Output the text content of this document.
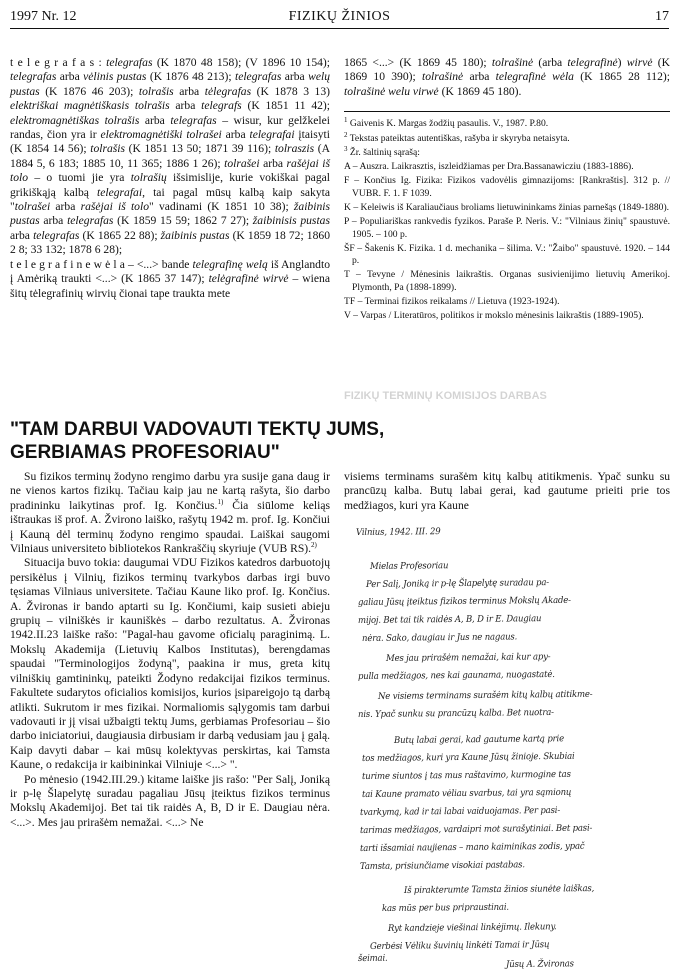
1997 Nr. 12	FIZIKŲ ŽINIOS	17

t e l e g r a f a s : telegrafas (K 1870 48 158); (V 1896 10 154); telegrafas arba vėlinis pustas (K 1876 48 213); telegrafas arba welų pustas (K 1876 46 203); tolrašis arba tėlegrafas (K 1878 3 13) elektriškai magnėtiškasis tolrašis arba telegrafs (K 1851 11 42); elektromagnėtiškas tolrašis arba telegrafas – wisur, kur gelžkelei randas, čion yra ir elektromagnėtiški tolrašei arba telegrafai įtaisyti (K 1854 14 56); tolrašis (K 1851 13 50; 1871 39 116); tolraszis (A 1884 5, 6 183; 1885 10, 11 365; 1886 1 26); tolrašei arba rašėjai iš tolo – o tuomi jie yra tolrašių išsimislije, kurie vokiškai pagal grikiškąją kalbą telegrafai, tai pagal mūsų kalbą kaip sakyta "tolrašei arba rašėjai iš tolo" vadinami (K 1851 10 38); žaibinis pustas arba telegrafas (K 1859 15 59; 1862 7 27); žaibinisis pustas arba telegrafas (K 1865 22 88); žaibinis pustas (K 1859 18 72; 1860 2 8; 33 132; 1878 6 28);

t e l e g r a f i n e w ė l a – <...> bande telegrafinę welą iš Anglandto į Amėriką traukti <...> (K 1865 37 147); telėgrafinė wirvė – wiena šitų tėlegrafinių wirvių čionai tape traukta mete

1865 <...> (K 1869 45 180); tolrašinė (arba telegrafinė) wirvė (K 1869 10 390); tolrašinė arba telegrafinė wėla (K 1865 28 112); tolrašinė welu virwė (K 1869 45 180).

$^1$ Gaivenis K. Margas žodžių pasaulis. V., 1987. P.80.
$^2$ Tekstas pateiktas autentiškas, rašyba ir skyryba netaisyta.
$^3$ Žr. šaltinių sąrašą:
A – Auszra. Laikrasztis, iszleidžiamas per Dra.Bassanawicziu (1883-1886).
F – Končius Ig. Fizika: Fizikos vadovėlis gimnazijoms: [Rankraštis]. 312 p. // VUBR. F. 1. F 1039.
K – Keleiwis iš Karaliaučiaus broliams lietuwininkams žinias parnešąs (1849-1880).
P – Populiariškas rankvedis fyzikos. Paraše P. Neris. V.: "Vilniaus žinių" spaustuvė. 1905. – 100 p.
ŠF – Šakenis K. Fizika. 1 d. mechanika – šilima. V.: "Žaibo" spaustuvė. 1920. – 144 p.
T – Tevyne / Mėnesinis laikraštis. Organas susivienijimo lietuvių Amerikoj. Plymonth, Pa (1898-1899).
TF – Terminai fizikos reikalams // Lietuva (1923-1924).
V – Varpas / Literatūros, politikos ir mokslo mėnesinis laikraštis (1889-1905).
FIZIKŲ TERMINŲ KOMISIJOS DARBAS
"TAM DARBUI VADOVAUTI TEKTŲ JUMS,
GERBIAMAS PROFESORIAU"

Su fizikos terminų žodyno rengimo darbu yra susije gana daug ir ne vienos kartos fizikų. Tačiau kaip jau ne kartą rašyta, šio darbo pradininku laikytinas prof. Ig. Končius.$^{1)}$ Čia siūlome keliąs ištraukas iš prof. A. Žvirono laiško, rašytų 1942 m. prof. Ig. Končiui į Kauną dėl terminų žodyno rengimo spaudai. Laiškai saugomi Vilniaus universiteto bibliotekos Rankraščių skyriuje (VUB RS).$^{2)}$

Situacija buvo tokia: daugumai VDU Fizikos katedros darbuotojų persikėlus į Vilnių, fizikos terminų tvarkybos darbas irgi buvo tęsiamas Vilniaus universitete. Tačiau Kaune liko prof. Ig. Končius. A. Žvironas ir bando aptarti su Ig. Končiumi, kaip susieti abieju grupių – vilniškės ir kauniškės – darbo rezultatus. A. Žvironas 1942.II.23 laiške rašo: "Pagal-hau gavome oficialų paraginimą. L. Mokslų Akademija (Lietuvių Kalbos Institutas), berengdamas spaudai "Terminologijos žodyną", paakina ir mus, greta kitų vilniškių gamtininkų, pateikti Žodyno redakcijai fizikos terminus. Fakultete sudarytos oficialios komisijos, kurios įsipareigojo tą darbą atlikti. Sukrutom ir mes fizikai. Normaliomis sąlygomis tam darbui vadovauti ir jį visai užbaigti tektų Jums, gerbiamas Profesoriau – šio darbo iniciatoriui, daugiausia dirbusiam ir darbą vedusiam jau į galą. Kaip davyti dabar – kai mūsų kolektyvas perskirtas, kai Tamsta Kaune, o redakcija ir kaibininkai Vilniuje <...> ".

Po mėnesio (1942.III.29.) kitame laiške jis rašo: "Per Salį, Joniką ir p-lę Šlapelytę suradau pagaliau Jūsų įteiktus fizikos terminus Mokslų Akademijoj. Bet tai tik raidės A, B, D ir E. Daugiau nėra. <...>. Mes jau prirašėm nemažai. <...> Ne

visiems terminams surašėm kitų kalbų atitikmenis. Ypač sunku su prancūzų kalba. Butų labai gerai, kad gautume prieiti prie tos medžiagos, kuri yra Kaune

Vilnius, 1942. III. 29
Mielas Profesoriau
Per Salį, Joniką ir p-lę Šlapelytę suradau pa-
galiau Jūsų įteiktus fizikos terminus Mokslų Akade-
mijoj. Bet tai tik raidės A, B, D ir E. Daugiau
nėra. Sako, daugiau ir Jus ne nagaus.
Mes jau prirašėm nemažai, kai kur apy-
pulla medžiagos, nes kai gaunama, nuogastatė.
Ne visiems terminams surašėm kitų kalbų atitikme-
nis. Ypač sunku su prancūzų kalba. Bet nuotra-
Butų labai gerai, kad gautume kartą prie
tos medžiagos, kuri yra Kaune Jūsų žinioje. Skubiai
turime siuntos į tas mus raštavimo, kurmogine tas
tai Kaune pramato vėliau svarbus, tai yra sąmionų
tvarkymą, kad ir tai labai vaiduojamas. Per pasi-
tarimas medžiagos, vardaipri mot surašytiniai. Bet pasi-
tarti išsamiai naujienas – mano kaiminikas zodis, ypač
Tamsta, prisiunčiame visokiai pastabas.
Iš pirakterumte Tamsta žinios siunėte laiškas,
kas mūs per bus pripraustinai.
Ryt kandzieje viešinai linkėjimų. Ilekuny.
Gerbėsi Vėliku šuvinių linkėti Tamai ir Jūsų
šeimai.
Jūsų A. Žvironas
